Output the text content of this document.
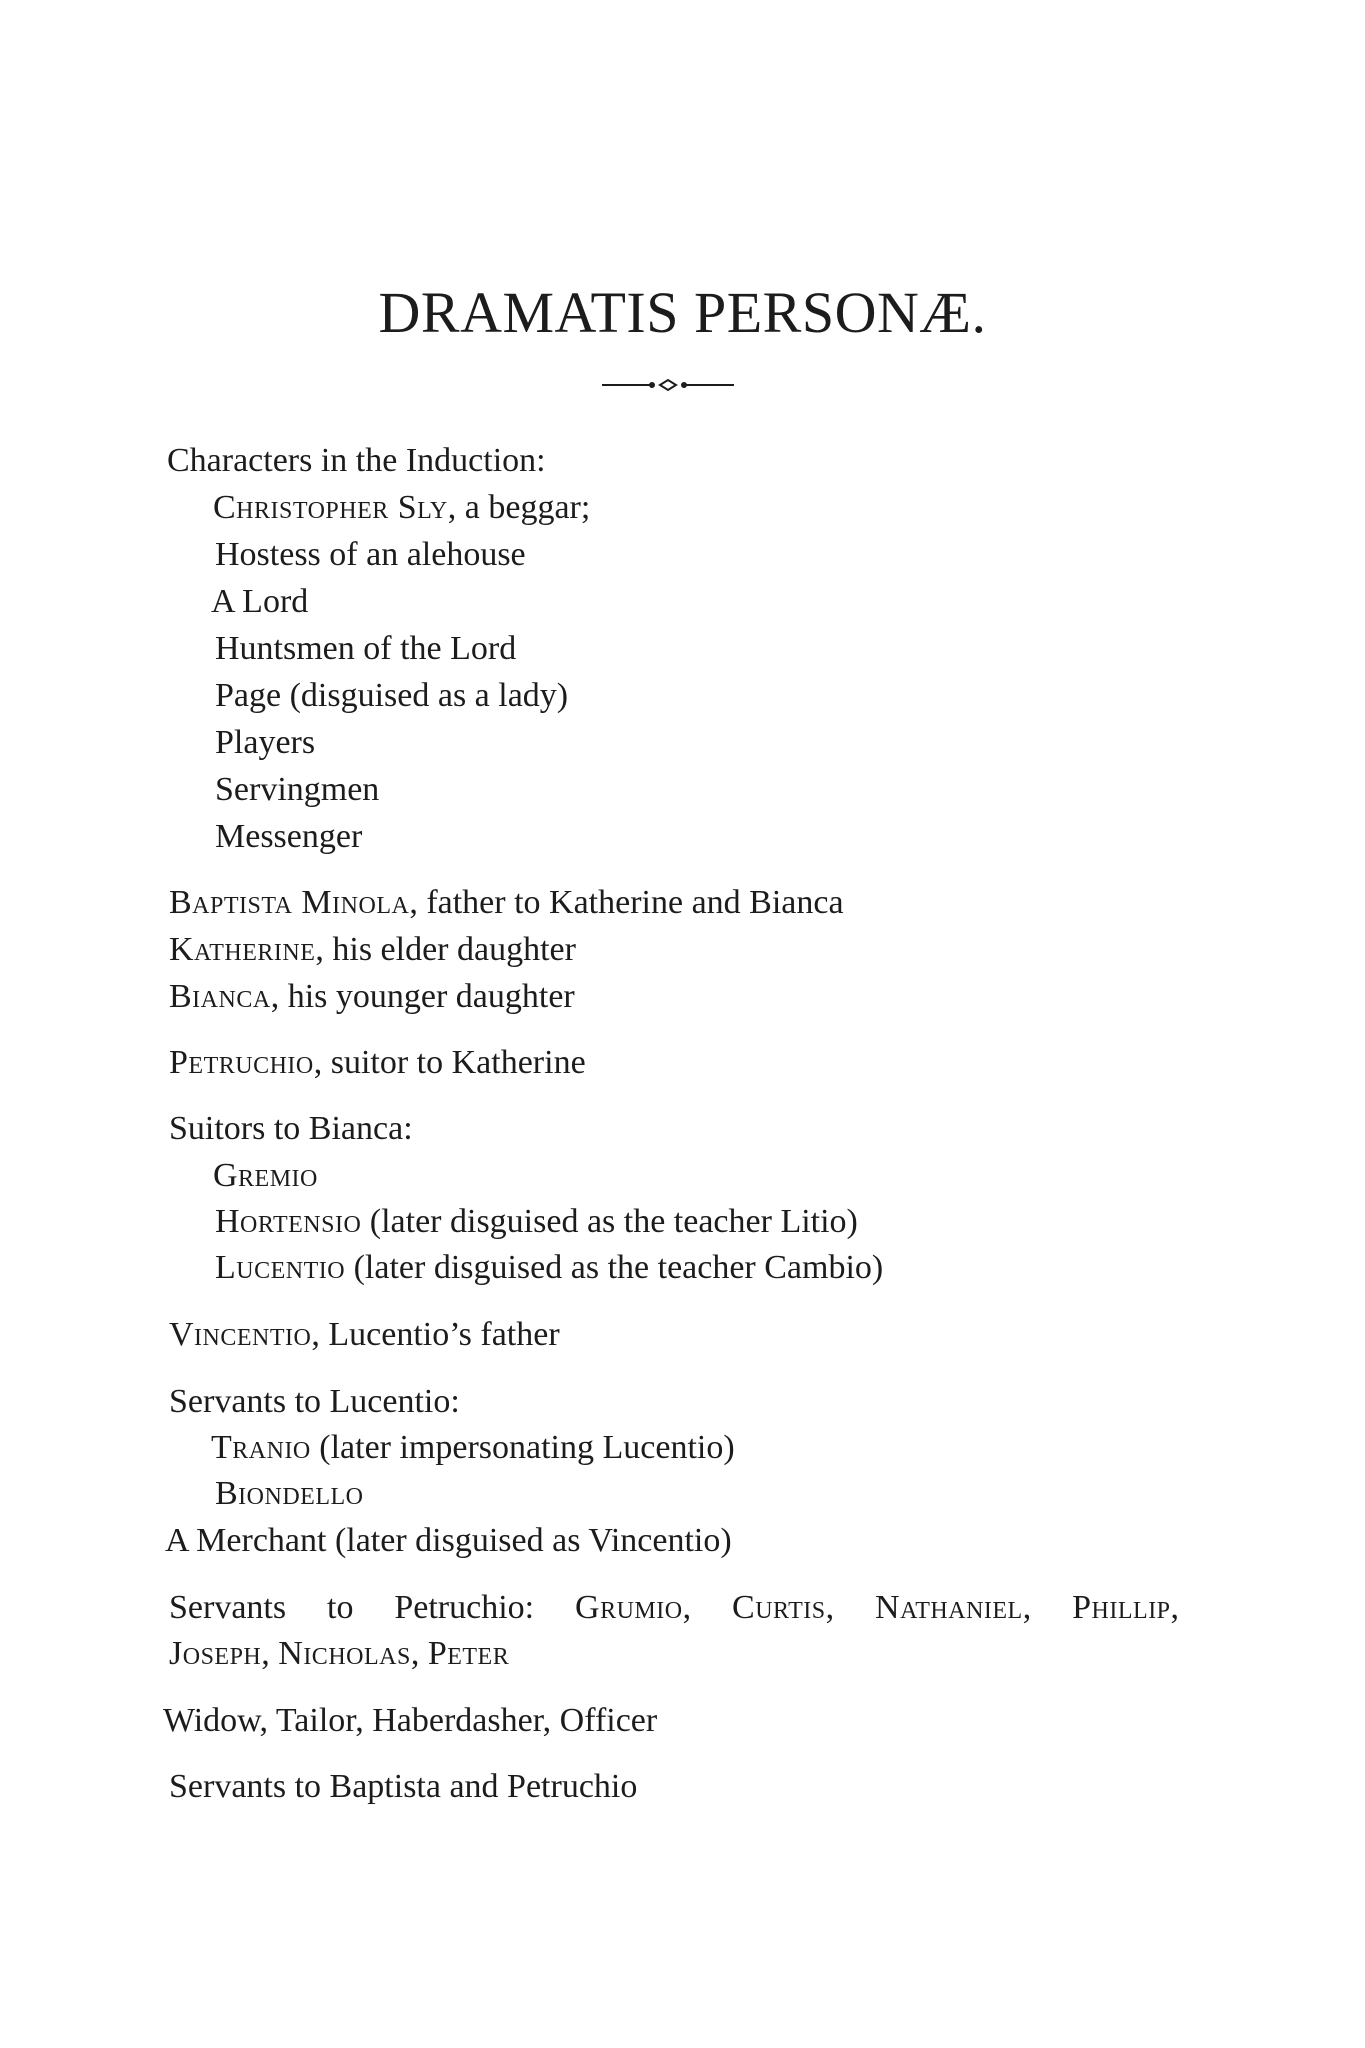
DRAMATIS PERSONÆ.
Characters in the Induction:
Christopher Sly, a beggar;
Hostess of an alehouse
A Lord
Huntsmen of the Lord
Page (disguised as a lady)
Players
Servingmen
Messenger
Baptista Minola, father to Katherine and Bianca
Katherine, his elder daughter
Bianca, his younger daughter
Petruchio, suitor to Katherine
Suitors to Bianca:
Gremio
Hortensio (later disguised as the teacher Litio)
Lucentio (later disguised as the teacher Cambio)
Vincentio, Lucentio’s father
Servants to Lucentio:
Tranio (later impersonating Lucentio)
Biondello
A Merchant (later disguised as Vincentio)
Servants to Petruchio: Grumio, Curtis, Nathaniel, Phillip,
Joseph, Nicholas, Peter
Widow, Tailor, Haberdasher, Officer
Servants to Baptista and Petruchio
